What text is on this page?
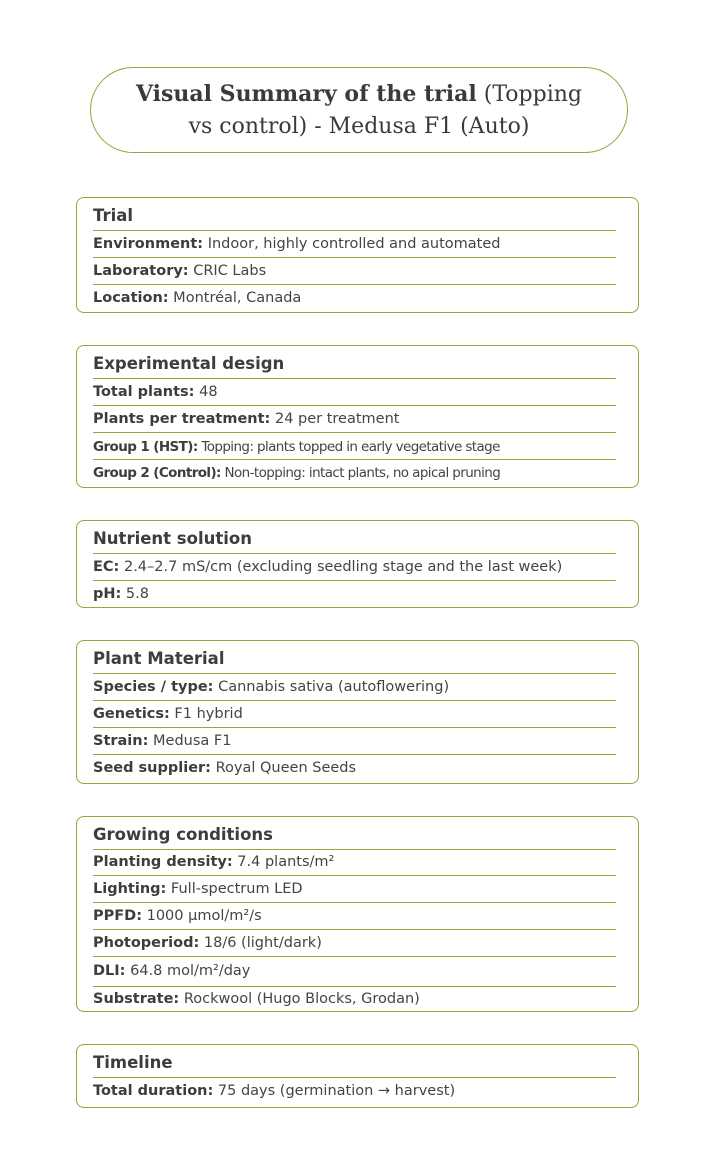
Visual Summary of the trial (Topping vs control) - Medusa F1 (Auto)
Trial
Environment: Indoor, highly controlled and automated
Laboratory: CRIC Labs
Location: Montréal, Canada
Experimental design
Total plants: 48
Plants per treatment: 24 per treatment
Group 1 (HST): Topping: plants topped in early vegetative stage
Group 2 (Control): Non-topping: intact plants, no apical pruning
Nutrient solution
EC: 2.4–2.7 mS/cm (excluding seedling stage and the last week)
pH: 5.8
Plant Material
Species / type: Cannabis sativa (autoflowering)
Genetics: F1 hybrid
Strain: Medusa F1
Seed supplier: Royal Queen Seeds
Growing conditions
Planting density: 7.4 plants/m²
Lighting: Full-spectrum LED
PPFD: 1000 µmol/m²/s
Photoperiod: 18/6 (light/dark)
DLI: 64.8 mol/m²/day
Substrate: Rockwool (Hugo Blocks, Grodan)
Timeline
Total duration: 75 days (germination → harvest)
